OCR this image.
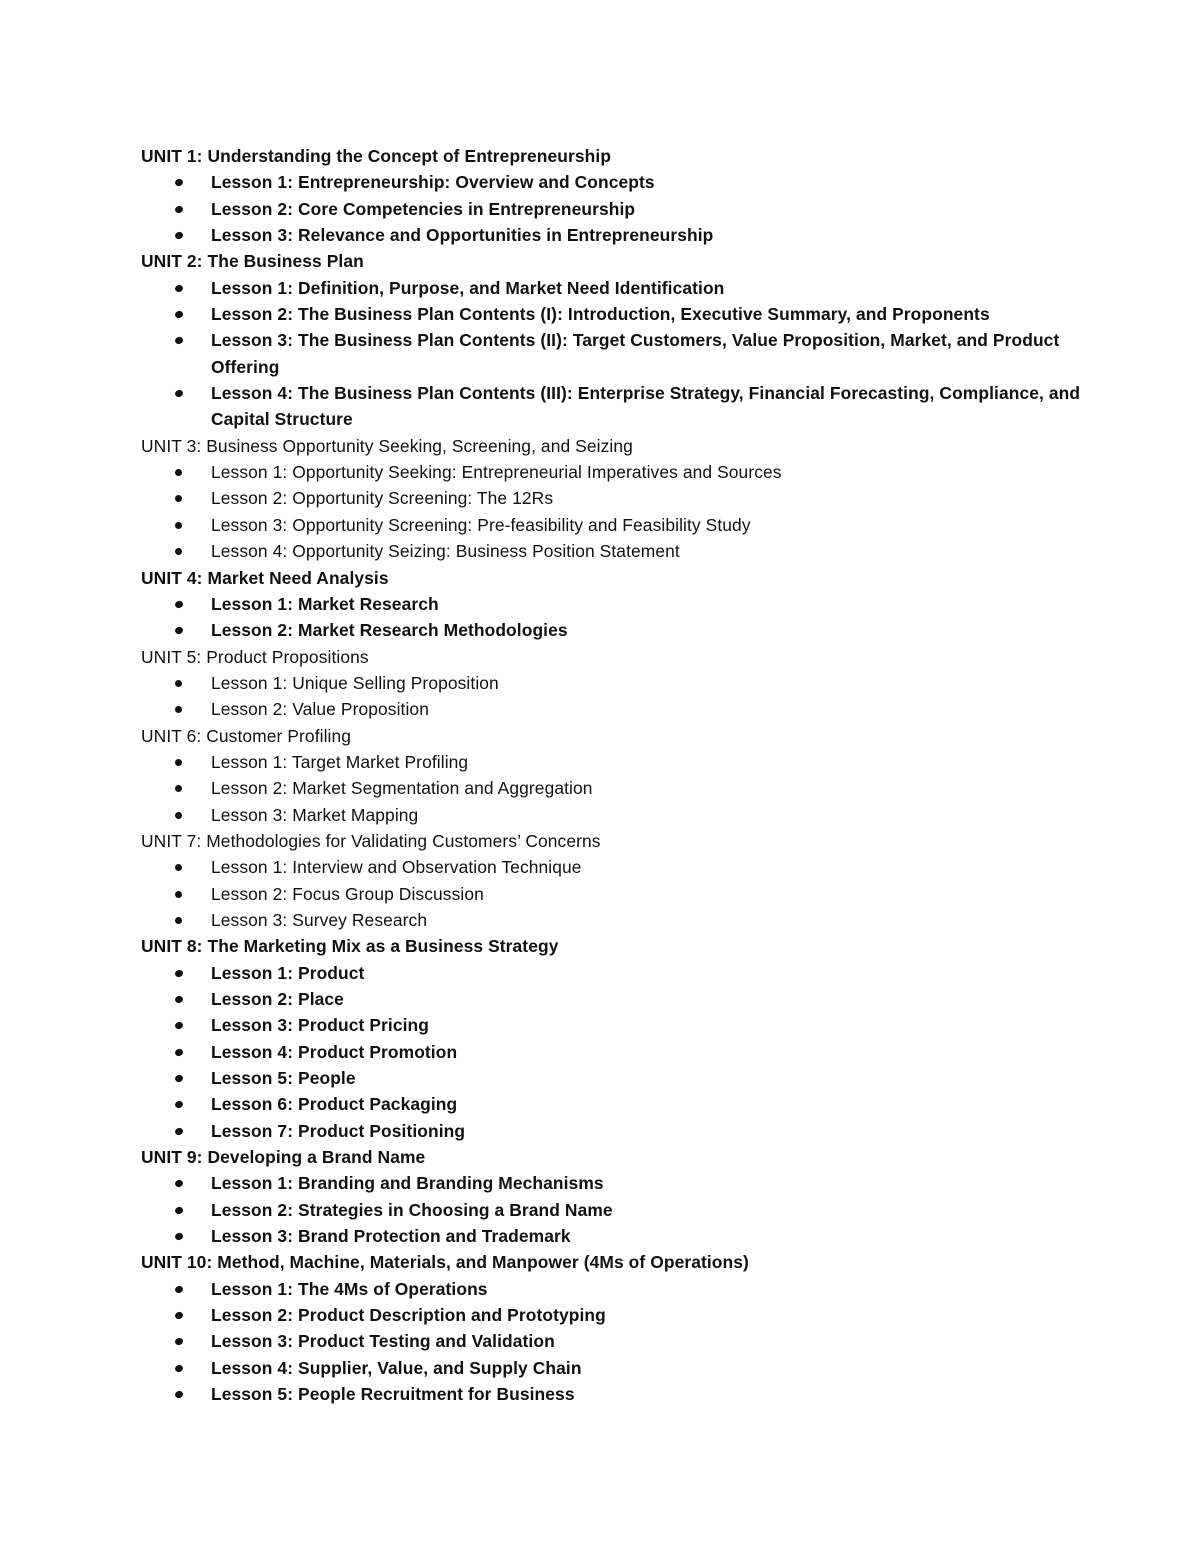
UNIT 1: Understanding the Concept of Entrepreneurship
Lesson 1: Entrepreneurship: Overview and Concepts
Lesson 2: Core Competencies in Entrepreneurship
Lesson 3: Relevance and Opportunities in Entrepreneurship
UNIT 2: The Business Plan
Lesson 1: Definition, Purpose, and Market Need Identification
Lesson 2: The Business Plan Contents (I): Introduction, Executive Summary, and Proponents
Lesson 3: The Business Plan Contents (II): Target Customers, Value Proposition, Market, and Product Offering
Lesson 4: The Business Plan Contents (III): Enterprise Strategy, Financial Forecasting, Compliance, and Capital Structure
UNIT 3: Business Opportunity Seeking, Screening, and Seizing
Lesson 1: Opportunity Seeking: Entrepreneurial Imperatives and Sources
Lesson 2: Opportunity Screening: The 12Rs
Lesson 3: Opportunity Screening: Pre-feasibility and Feasibility Study
Lesson 4: Opportunity Seizing: Business Position Statement
UNIT 4: Market Need Analysis
Lesson 1: Market Research
Lesson 2: Market Research Methodologies
UNIT 5: Product Propositions
Lesson 1: Unique Selling Proposition
Lesson 2: Value Proposition
UNIT 6: Customer Profiling
Lesson 1: Target Market Profiling
Lesson 2: Market Segmentation and Aggregation
Lesson 3: Market Mapping
UNIT 7: Methodologies for Validating Customers’ Concerns
Lesson 1: Interview and Observation Technique
Lesson 2: Focus Group Discussion
Lesson 3: Survey Research
UNIT 8: The Marketing Mix as a Business Strategy
Lesson 1: Product
Lesson 2: Place
Lesson 3: Product Pricing
Lesson 4: Product Promotion
Lesson 5: People
Lesson 6: Product Packaging
Lesson 7: Product Positioning
UNIT 9: Developing a Brand Name
Lesson 1: Branding and Branding Mechanisms
Lesson 2: Strategies in Choosing a Brand Name
Lesson 3: Brand Protection and Trademark
UNIT 10: Method, Machine, Materials, and Manpower (4Ms of Operations)
Lesson 1: The 4Ms of Operations
Lesson 2: Product Description and Prototyping
Lesson 3: Product Testing and Validation
Lesson 4: Supplier, Value, and Supply Chain
Lesson 5: People Recruitment for Business
